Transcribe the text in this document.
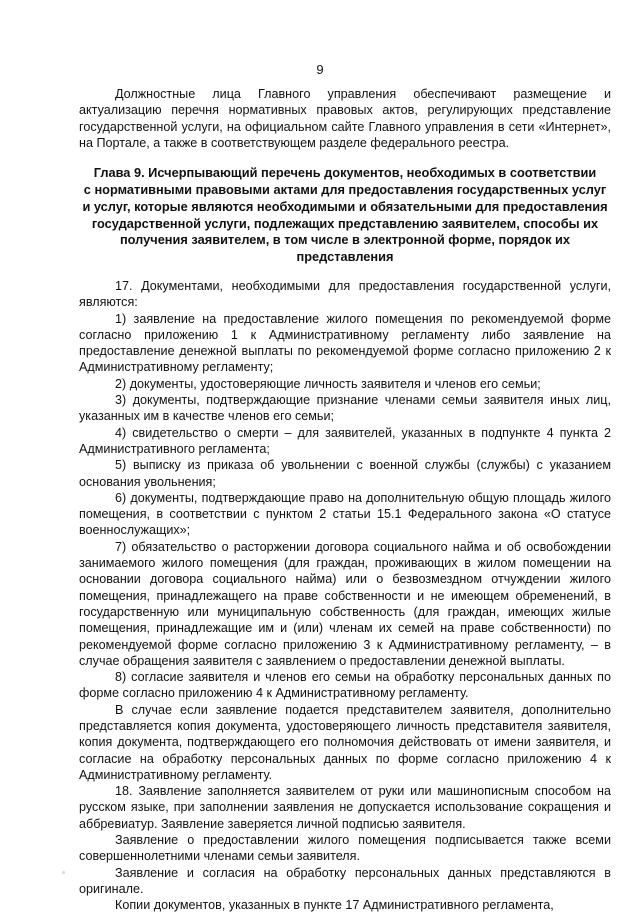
9

Должностные лица Главного управления обеспечивают размещение и актуализацию перечня нормативных правовых актов, регулирующих представление государственной услуги, на официальном сайте Главного управления в сети «Интернет», на Портале, а также в соответствующем разделе федерального реестра.

Глава 9. Исчерпывающий перечень документов, необходимых в соответствии
с нормативными правовыми актами для предоставления государственных услуг
и услуг, которые являются необходимыми и обязательными для предоставления
государственной услуги, подлежащих представлению заявителем, способы их
получения заявителем, в том числе в электронной форме, порядок их
представления

17. Документами, необходимыми для предоставления государственной услуги, являются:

1) заявление на предоставление жилого помещения по рекомендуемой форме согласно приложению 1 к Административному регламенту либо заявление на предоставление денежной выплаты по рекомендуемой форме согласно приложению 2 к Административному регламенту;

2) документы, удостоверяющие личность заявителя и членов его семьи;

3) документы, подтверждающие признание членами семьи заявителя иных лиц, указанных им в качестве членов его семьи;

4) свидетельство о смерти – для заявителей, указанных в подпункте 4 пункта 2 Административного регламента;

5) выписку из приказа об увольнении с военной службы (службы) с указанием основания увольнения;

6) документы, подтверждающие право на дополнительную общую площадь жилого помещения, в соответствии с пунктом 2 статьи 15.1 Федерального закона «О статусе военнослужащих»;

7) обязательство о расторжении договора социального найма и об освобождении занимаемого жилого помещения (для граждан, проживающих в жилом помещении на основании договора социального найма) или о безвозмездном отчуждении жилого помещения, принадлежащего на праве собственности и не имеющем обременений, в государственную или муниципальную собственность (для граждан, имеющих жилые помещения, принадлежащие им и (или) членам их семей на праве собственности) по рекомендуемой форме согласно приложению 3 к Административному регламенту, – в случае обращения заявителя с заявлением о предоставлении денежной выплаты.

8) согласие заявителя и членов его семьи на обработку персональных данных по форме согласно приложению 4 к Административному регламенту.

В случае если заявление подается представителем заявителя, дополнительно представляется копия документа, удостоверяющего личность представителя заявителя, копия документа, подтверждающего его полномочия действовать от имени заявителя, и согласие на обработку персональных данных по форме согласно приложению 4 к Административному регламенту.

18. Заявление заполняется заявителем от руки или машинописным способом на русском языке, при заполнении заявления не допускается использование сокращения и аббревиатур. Заявление заверяется личной подписью заявителя.

Заявление о предоставлении жилого помещения подписывается также всеми совершеннолетними членами семьи заявителя.

Заявление и согласия на обработку персональных данных представляются в оригинале.

Копии документов, указанных в пункте 17 Административного регламента,
